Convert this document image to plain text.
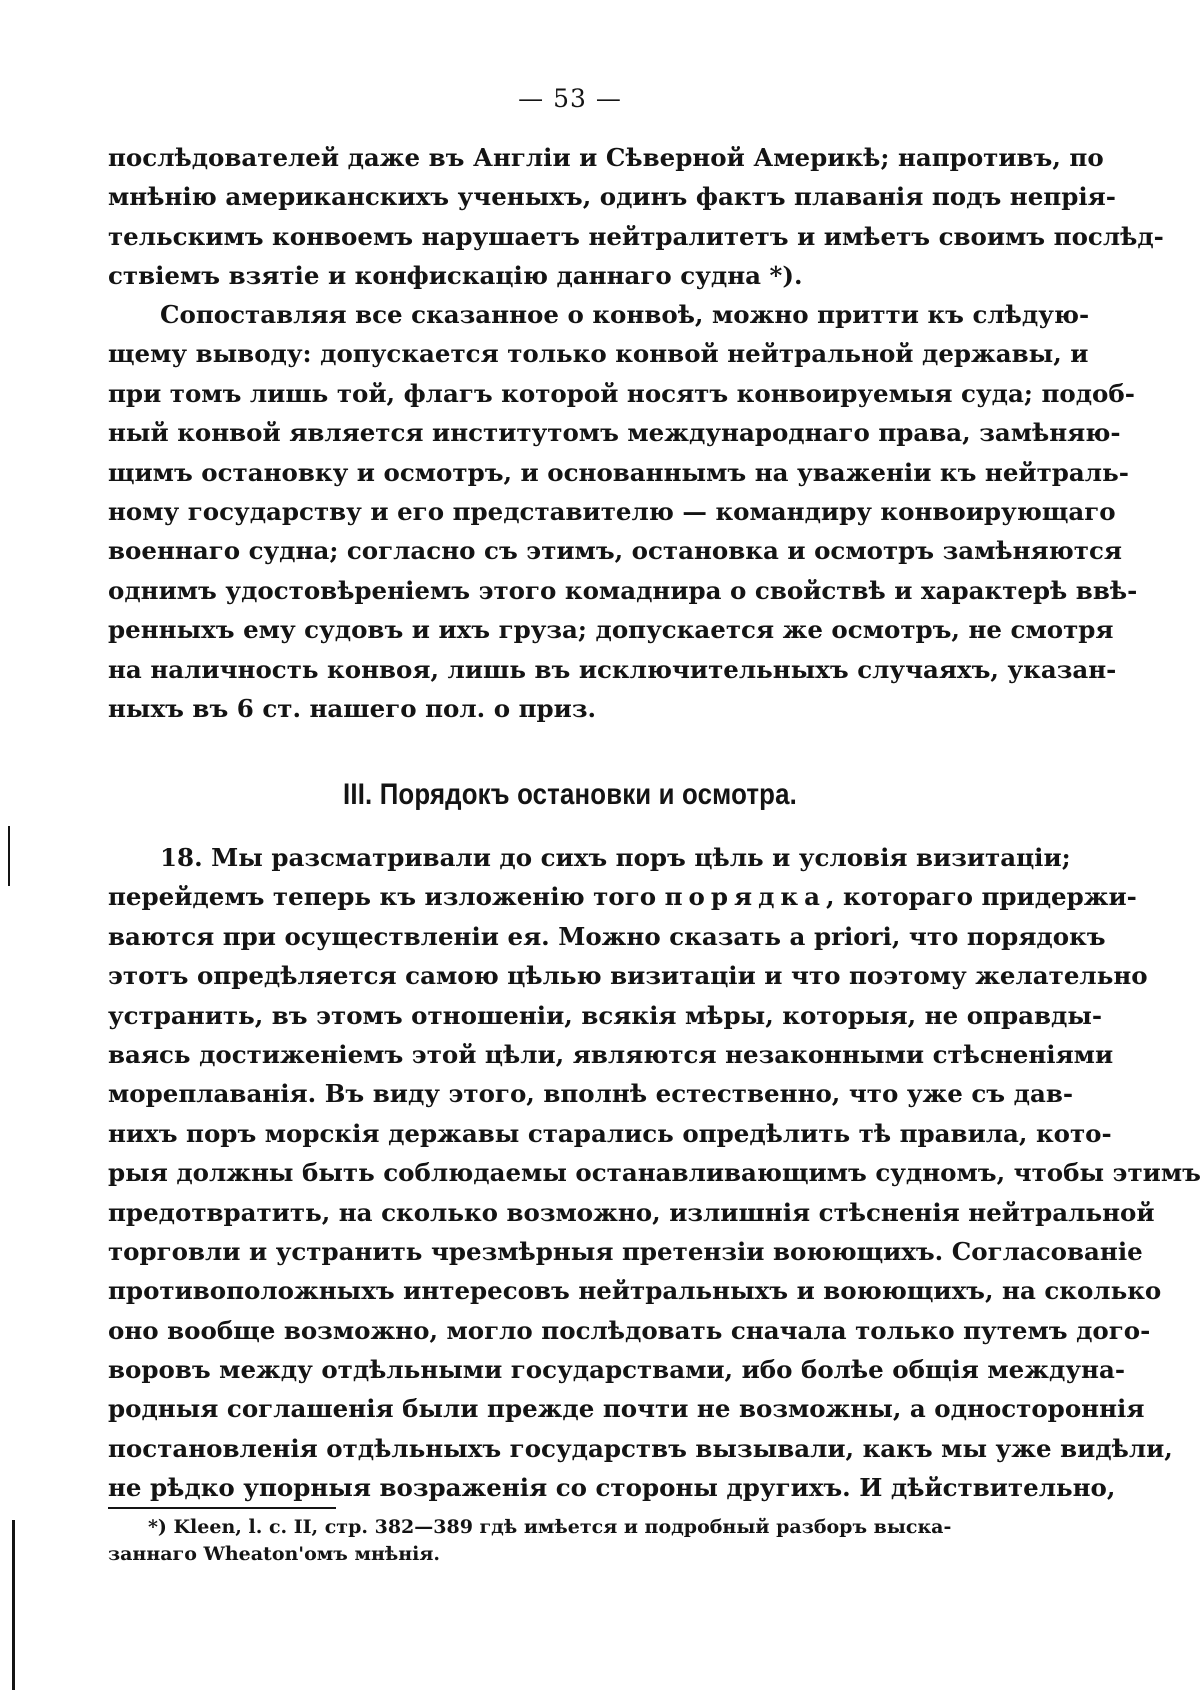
— 53 —
послѣдователей даже въ Англіи и Сѣверной Америкѣ; напротивъ, по
мнѣнію американскихъ ученыхъ, одинъ фактъ плаванія подъ непрія-
тельскимъ конвоемъ нарушаетъ нейтралитетъ и имѣетъ своимъ послѣд-
ствіемъ взятіе и конфискацію даннаго судна *).
Сопоставляя все сказанное о конвоѣ, можно притти къ слѣдую-
щему выводу: допускается только конвой нейтральной державы, и
при томъ лишь той, флагъ которой носятъ конвоируемыя суда; подоб-
ный конвой является институтомъ международнаго права, замѣняю-
щимъ остановку и осмотръ, и основаннымъ на уваженіи къ нейтраль-
ному государству и его представителю — командиру конвоирующаго
военнаго судна; согласно съ этимъ, остановка и осмотръ замѣняются
однимъ удостовѣреніемъ этого комаднира о свойствѣ и характерѣ ввѣ-
ренныхъ ему судовъ и ихъ груза; допускается же осмотръ, не смотря
на наличность конвоя, лишь въ исключительныхъ случаяхъ, указан-
ныхъ въ 6 ст. нашего пол. о приз.
III. Порядокъ остановки и осмотра.
18. Мы разсматривали до сихъ поръ цѣль и условія визитаціи;
перейдемъ теперь къ изложенію того порядка, котораго придержи-
ваются при осуществленіи ея. Можно сказать a priori, что порядокъ
этотъ опредѣляется самою цѣлью визитаціи и что поэтому желательно
устранить, въ этомъ отношеніи, всякія мѣры, которыя, не оправды-
ваясь достиженіемъ этой цѣли, являются незаконными стѣсненіями
мореплаванія. Въ виду этого, вполнѣ естественно, что уже съ дав-
нихъ поръ морскія державы старались опредѣлить тѣ правила, кото-
рыя должны быть соблюдаемы останавливающимъ судномъ, чтобы этимъ
предотвратить, на сколько возможно, излишнія стѣсненія нейтральной
торговли и устранить чрезмѣрныя претензіи воюющихъ. Согласованіе
противоположныхъ интересовъ нейтральныхъ и воюющихъ, на сколько
оно вообще возможно, могло послѣдовать сначала только путемъ дого-
воровъ между отдѣльными государствами, ибо болѣе общія междуна-
родныя соглашенія были прежде почти не возможны, а одностороннія
постановленія отдѣльныхъ государствъ вызывали, какъ мы уже видѣли,
не рѣдко упорныя возраженія со стороны другихъ. И дѣйствительно,
*) Kleen, l. c. II, стр. 382—389 гдѣ имѣется и подробный разборъ выска-
заннаго Wheaton'омъ мнѣнія.
